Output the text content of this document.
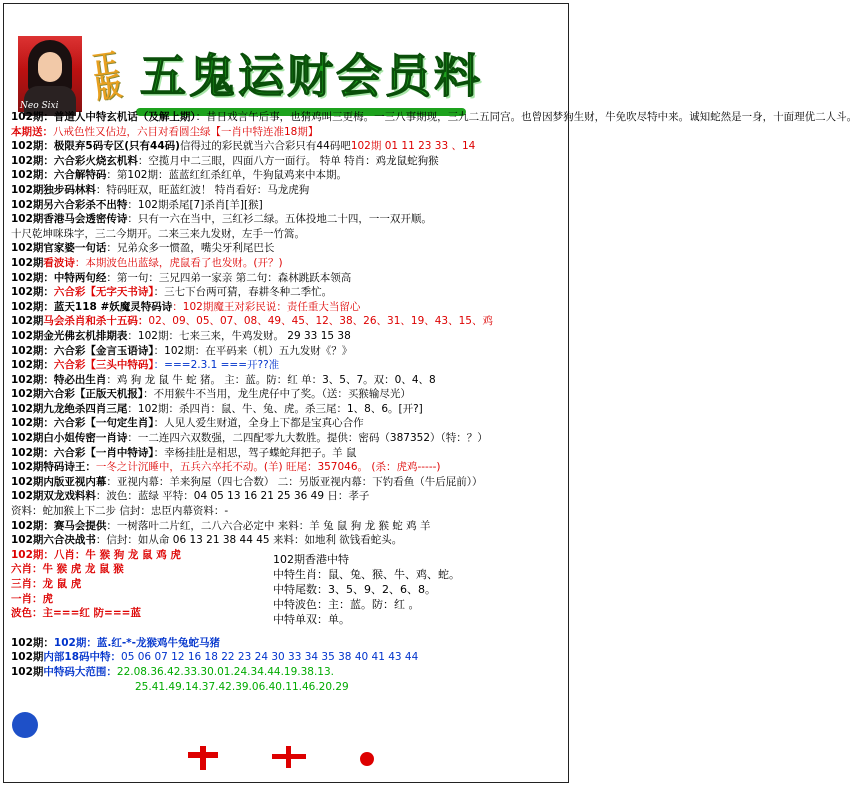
Neo Sixi
正版 五鬼运财会员料
102期：普道人中特玄机话（及解上期）：昔日戏言午后事，也猜鸡叫三更梅。一三八事期现，三九二五同宫。也曾因梦狗生财，牛免吹尽特中来。诚知蛇然是一身，十面理优二人斗。
本期送：八戒色性又佔边，六目对看圆尘绿【一肖中特连准18期】
102期：极限弃5码专区(只有44码)信得过的彩民就当六合彩只有44码吧102期 01 11 23 33 、14
102期：六合彩火烧玄机料：空揽月中二三眼，四面八方一面行。 特单 特肖：鸡龙鼠蛇狗猴
102期：六合解特码：第102期：蓝蓝红红杀红单，牛狗鼠鸡来中本期。
102期独步码林料：特码旺双，旺蓝红波！ 特肖看好：马龙虎狗
102期另六合彩杀不出特：102期杀尾[7]杀肖[羊][猴]
102期香港马会透密传诗：只有一六在当中，三红衫二绿。五体投地二十四，一一双开顺。
十尺乾坤咪珠字，三二今期开。二来三来九发财，左手一竹篙。
102期官家婆一句话：兄弟众多一惯盈，嘴尖牙利尾巴长
102期看波诗：本期波色出蓝绿，虎鼠看了也发财。(开？)
102期：中特两句经：第一句：三兄四弟一家亲 第二句：森林跳跃本领高
102期：六合彩【无字天书诗】：三七下台两可猜，春耕冬种二季忙。
102期：蓝天118 #妖魔灵特码诗：102期魔王对彩民说：责任重大当留心
102期马会杀肖和杀十五码：02、09、05、07、08、49、45、12、38、26、31、19、43、15、鸡
102期金光佛玄机排期表：102期：七来三来，牛鸡发财。 29 33 15 38
102期：六合彩【金言玉语诗】：102期：在平码来（机）五九发财《？》
102期：六合彩【三头中特码】：===2.3.1 ===开??准
102期：特必出生肖：鸡 狗 龙 鼠 牛 蛇 猪。 主：蓝。防：红 单：3、5、7。双：0、4、8
102期六合彩【正版天机报】：不用猴牛不当用，龙生虎仔中了奖。（送：买猴输尽光）
102期九龙绝杀四肖三尾：102期：杀四肖：鼠、牛、兔、虎。杀三尾：1、8、6。[开?]
102期：六合彩【一句定生肖】：人见人爱生财道，全身上下都是宝真心合作
102期白小姐传密一肖诗：一二连四六双数强，二四配零九大数胜。提供：密码（387352）（特：？）
102期：六合彩【一肖中特诗】：幸杨挂肚是相思，驾子蝶蛇拜把子。羊 鼠
102期特码诗王：一冬之计沉睡中，五兵六卒托不动。(羊) 旺尾：357046。 (杀：虎鸡-----)
102期内版亚视内幕：亚视内幕：羊来狗屋（四七合数） 二：另版亚视内幕：下钓看鱼（牛后屁前））
102期双龙戏料料：波色：蓝绿 平特：04 05 13 16 21 25 36 49 日：孝子
资料：蛇加猴上下二步 信封：忠臣内幕资料：-
102期：赛马会提供：一树落叶二片红，二八六合必定中 来料：羊 兔 鼠 狗 龙 猴 蛇 鸡 羊
102期六合决战书：信封：如从命 06 13 21 38 44 45 来料：如地利 欲钱看蛇头。
102期：八肖：牛 猴 狗 龙 鼠 鸡 虎
六肖：牛 猴 虎 龙 鼠 猴
三肖：龙 鼠 虎
一肖：虎
波色：主===红 防===蓝
102期香港中特
中特生肖：鼠、兔、猴、牛、鸡、蛇。
中特尾数：3、5、9、2、6、8。
中特波色：主：蓝。防：红 。
中特单双：单。
102期：102期：蓝.红-*-龙猴鸡牛兔蛇马猪
102期内部18码中特：05 06 07 12 16 18 22 23 24 30 33 34 35 38 40 41 43 44
102期中特码大范围：22.08.36.42.33.30.01.24.34.44.19.38.13.
25.41.49.14.37.42.39.06.40.11.46.20.29
